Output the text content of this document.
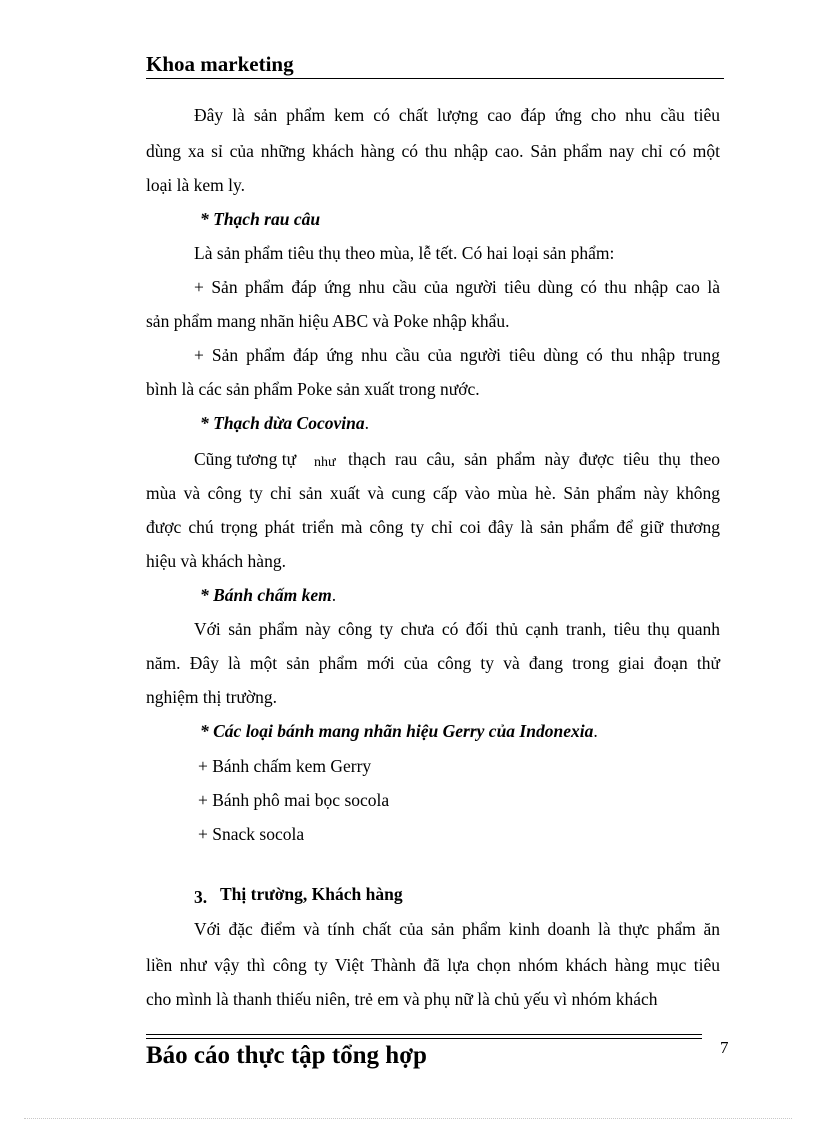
Khoa marketing
Đây là sản phẩm kem có chất lượng cao đáp ứng cho nhu cầu tiêu
dùng xa sỉ của những khách hàng có thu nhập cao. Sản phẩm nay chỉ có một
loại là kem ly.
* Thạch rau câu
Là sản phẩm tiêu thụ theo mùa, lễ tết. Có hai loại sản phẩm:
+ Sản phẩm đáp ứng nhu cầu của người tiêu dùng có thu nhập cao là
sản phẩm mang nhãn hiệu ABC và Poke nhập khẩu.
+ Sản phẩm đáp ứng nhu cầu của người tiêu dùng có thu nhập trung
bình là các sản phẩm Poke sản xuất trong nước.
* Thạch dừa Cocovina.
Cũng tương tự như thạch rau câu, sản phẩm này được tiêu thụ theo
mùa và công ty chỉ sản xuất và cung cấp vào mùa hè. Sản phẩm này không
được chú trọng phát triển mà công ty chỉ coi đây là sản phẩm để giữ thương
hiệu và khách hàng.
* Bánh chấm kem.
Với sản phẩm này công ty chưa có đối thủ cạnh tranh, tiêu thụ quanh
năm. Đây là một sản phẩm mới của công ty và đang trong giai đoạn thử
nghiệm thị trường.
* Các loại bánh mang nhãn hiệu Gerry của Indonexia.
+ Bánh chấm kem Gerry
+ Bánh phô mai bọc socola
+ Snack socola
3. Thị trường, Khách hàng
Với đặc điểm và tính chất của sản phẩm kinh doanh là thực phẩm ăn
liền như vậy thì công ty Việt Thành đã lựa chọn nhóm khách hàng mục tiêu
cho mình là thanh thiếu niên, trẻ em và phụ nữ là chủ yếu vì nhóm khách
Báo cáo thực tập tổng hợp	7
